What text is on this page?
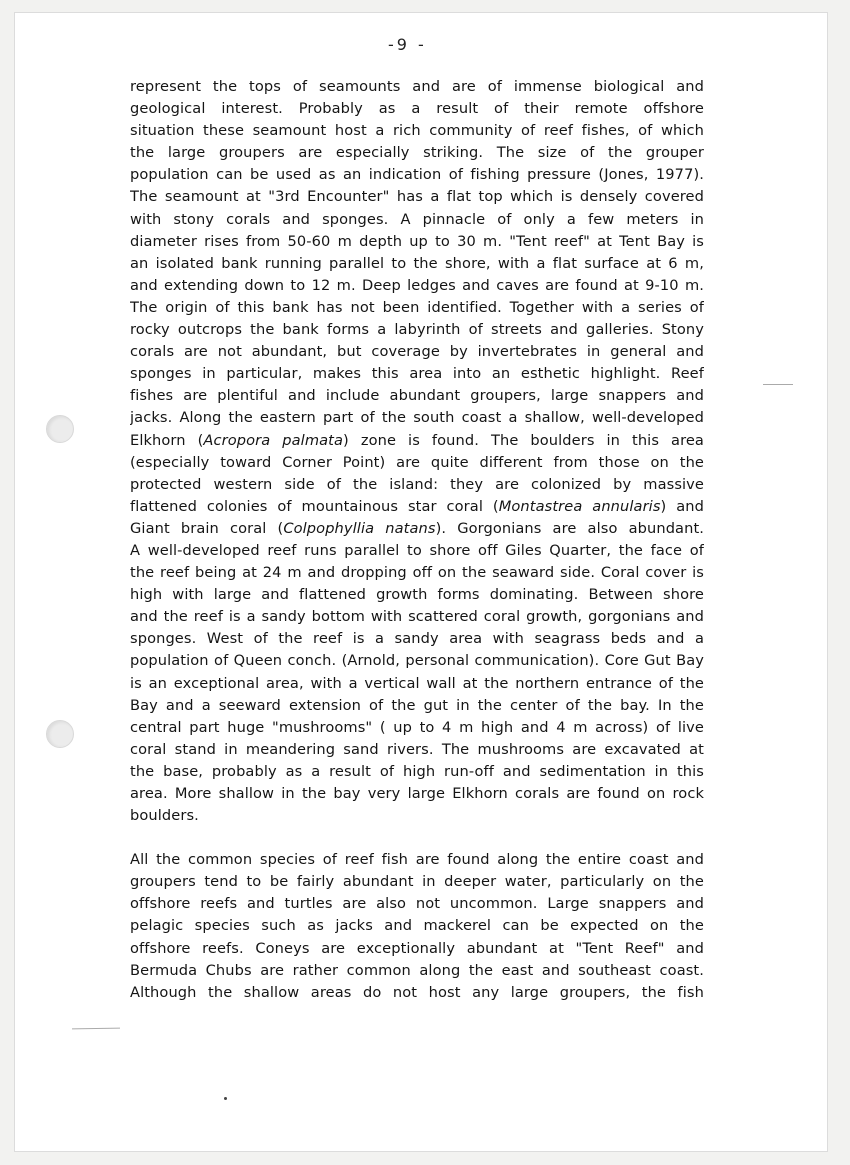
-9 -
represent the tops of seamounts and are of immense biological and
geological interest. Probably as a result of their remote offshore
situation these seamount host a rich community of reef fishes, of which
the large groupers are especially striking. The size of the grouper
population can be used as an indication of fishing pressure (Jones, 1977).
The seamount at "3rd Encounter" has a flat top which is densely covered
with stony corals and sponges. A pinnacle of only a few meters in
diameter rises from 50-60 m depth up to 30 m. "Tent reef" at Tent Bay is
an isolated bank running parallel to the shore, with a flat surface at 6 m,
and extending down to 12 m. Deep ledges and caves are found at 9-10 m.
The origin of this bank has not been identified. Together with a series of
rocky outcrops the bank forms a labyrinth of streets and galleries. Stony
corals are not abundant, but coverage by invertebrates in general and
sponges in particular, makes this area into an esthetic highlight. Reef
fishes are plentiful and include abundant groupers, large snappers and
jacks. Along the eastern part of the south coast a shallow, well-developed
Elkhorn (Acropora palmata) zone is found. The boulders in this area
(especially toward Corner Point) are quite different from those on the
protected western side of the island: they are colonized by massive
flattened colonies of mountainous star coral (Montastrea annularis) and
Giant brain coral (Colpophyllia natans). Gorgonians are also abundant.
A well-developed reef runs parallel to shore off Giles Quarter, the face of
the reef being at 24 m and dropping off on the seaward side. Coral cover is
high with large and flattened growth forms dominating. Between shore
and the reef is a sandy bottom with scattered coral growth, gorgonians and
sponges. West of the reef is a sandy area with seagrass beds and a
population of Queen conch. (Arnold, personal communication). Core Gut Bay
is an exceptional area, with a vertical wall at the northern entrance of the
Bay and a seeward extension of the gut in the center of the bay. In the
central part huge "mushrooms" ( up to 4 m high and 4 m across) of live
coral stand in meandering sand rivers. The mushrooms are excavated at
the base, probably as a result of high run-off and sedimentation in this
area. More shallow in the bay very large Elkhorn corals are found on rock
boulders.
All the common species of reef fish are found along the entire coast and
groupers tend to be fairly abundant in deeper water, particularly on the
offshore reefs and turtles are also not uncommon. Large snappers and
pelagic species such as jacks and mackerel can be expected on the
offshore reefs. Coneys are exceptionally abundant at "Tent Reef" and
Bermuda Chubs are rather common along the east and southeast coast.
Although the shallow areas do not host any large groupers, the fish
